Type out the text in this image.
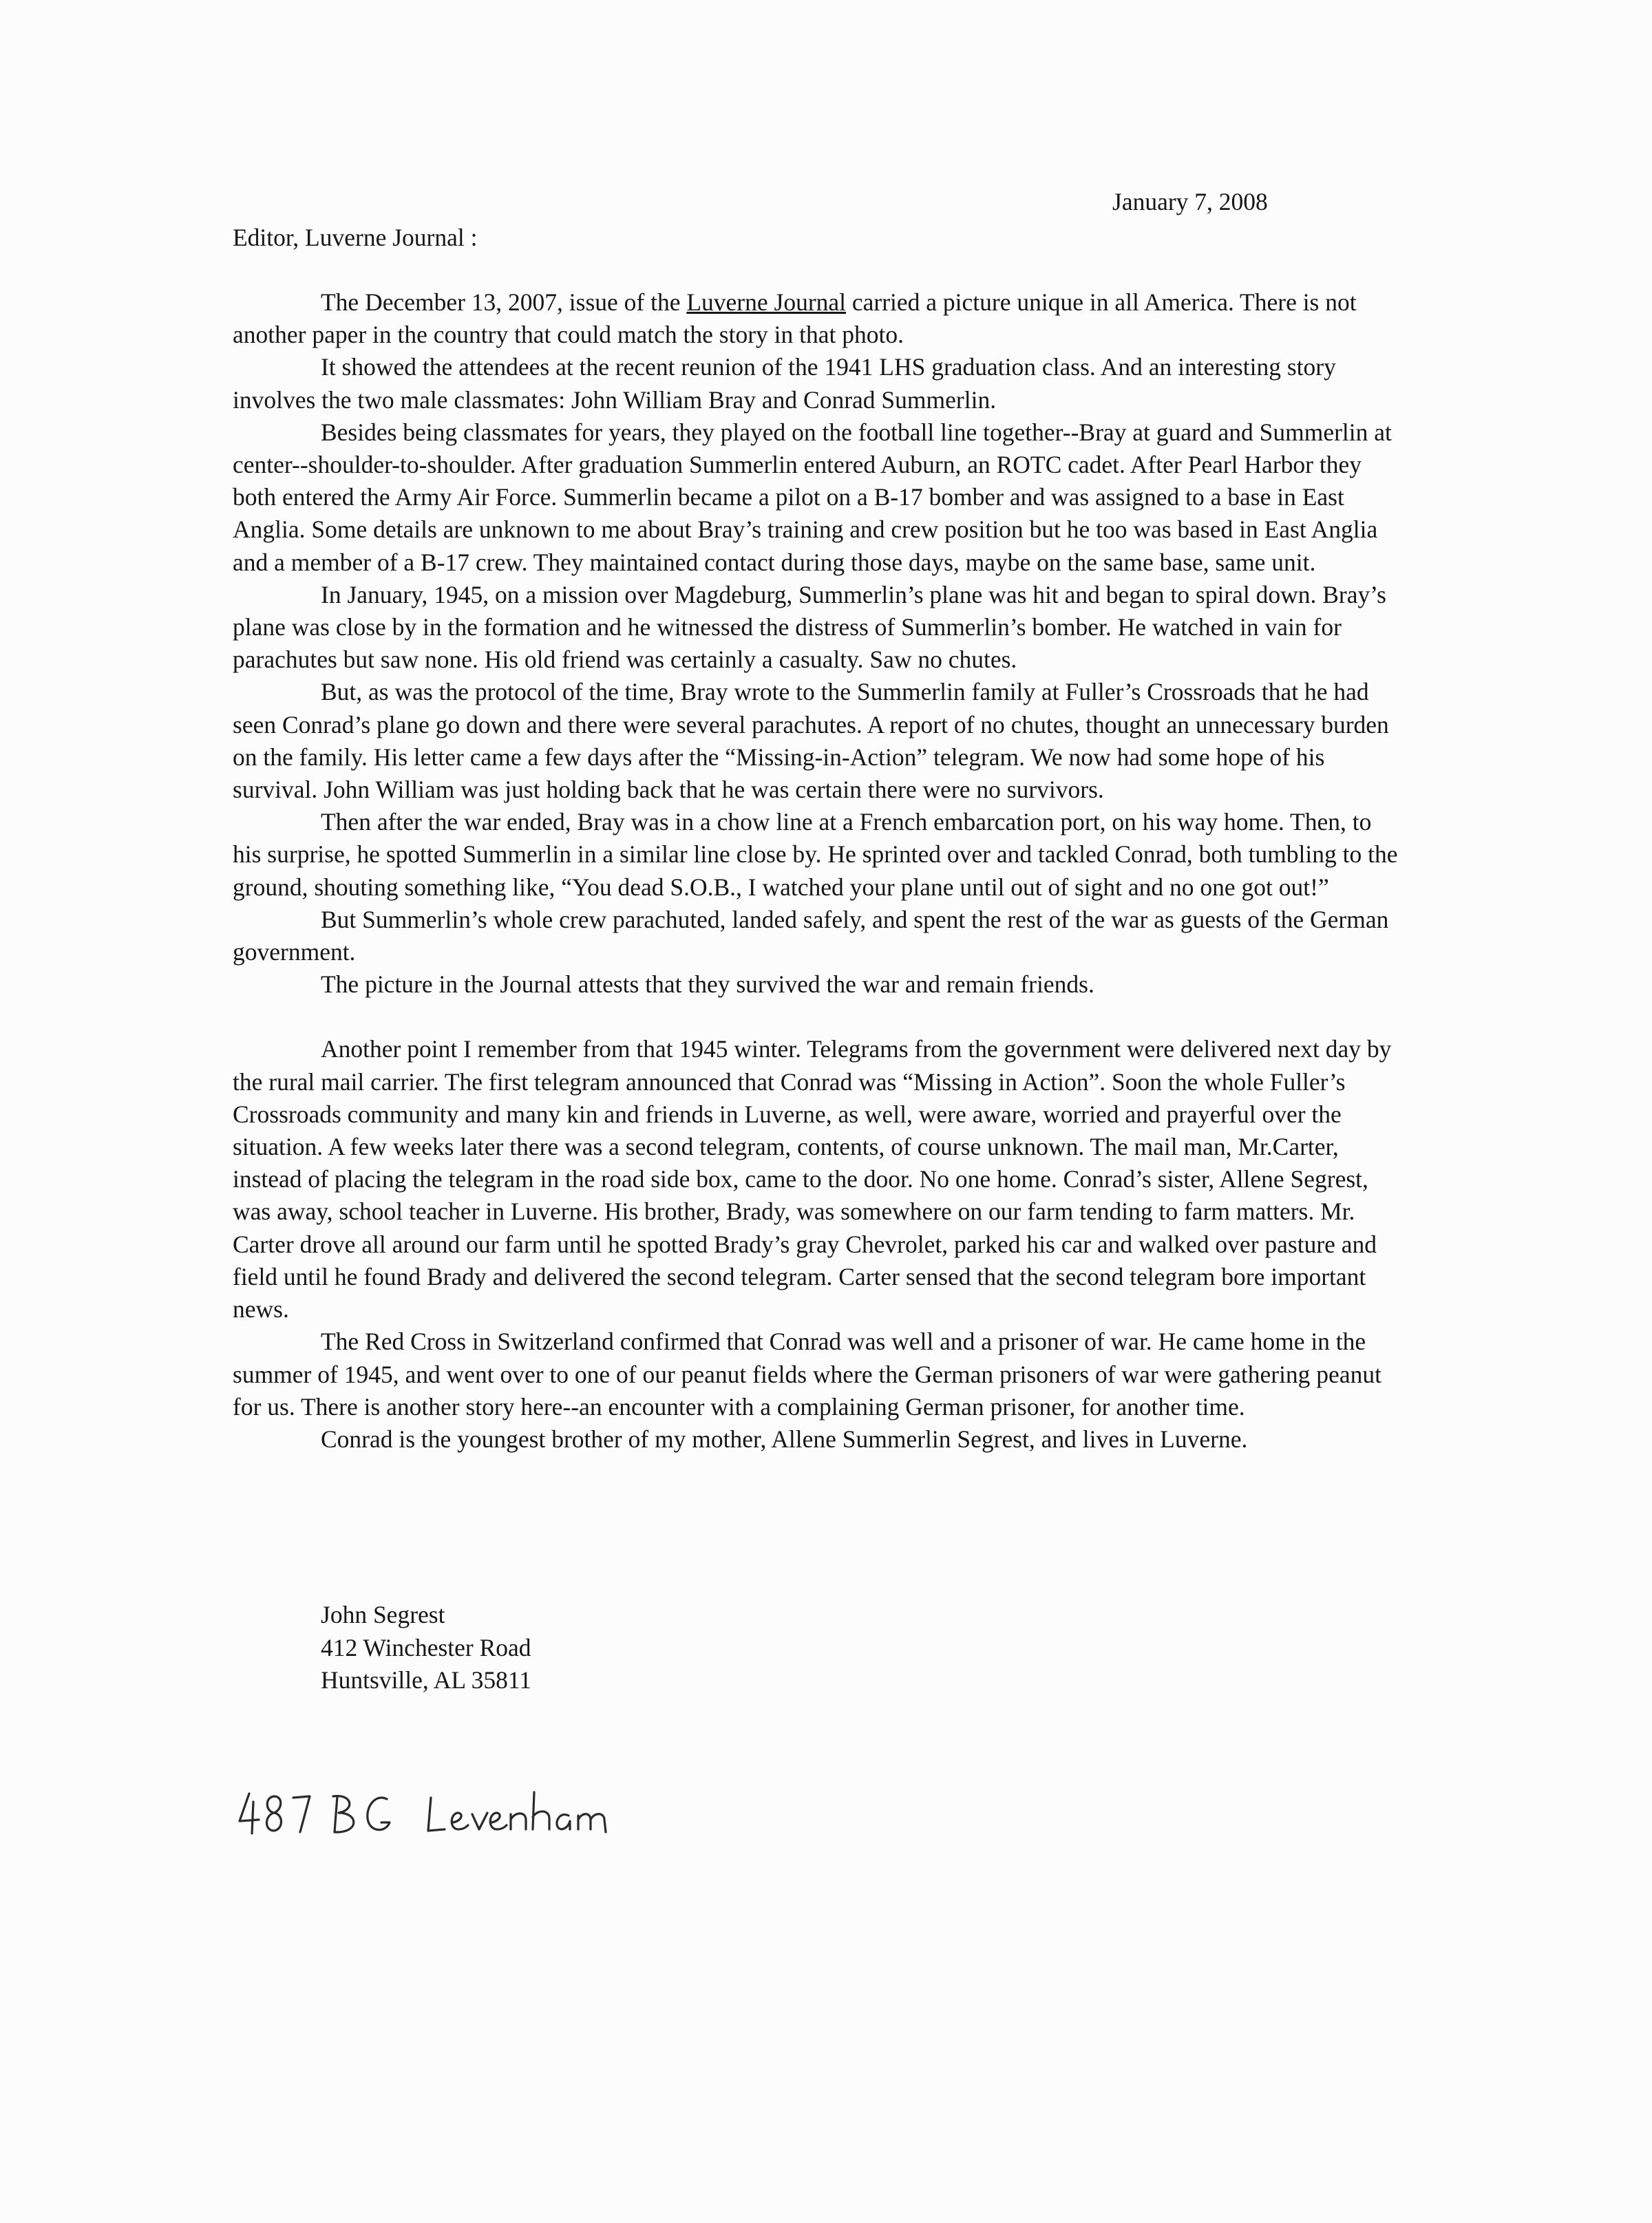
January 7, 2008
Editor, Luverne Journal :

The December 13, 2007, issue of the Luverne Journal carried a picture unique in all America. There is not another paper in the country that could match the story in that photo.

It showed the attendees at the recent reunion of the 1941 LHS graduation class. And an interesting story involves the two male classmates: John William Bray and Conrad Summerlin.

Besides being classmates for years, they played on the football line together--Bray at guard and Summerlin at center--shoulder-to-shoulder. After graduation Summerlin entered Auburn, an ROTC cadet. After Pearl Harbor they both entered the Army Air Force. Summerlin became a pilot on a B-17 bomber and was assigned to a base in East Anglia. Some details are unknown to me about Bray’s training and crew position but he too was based in East Anglia and a member of a B-17 crew. They maintained contact during those days, maybe on the same base, same unit.

In January, 1945, on a mission over Magdeburg, Summerlin’s plane was hit and began to spiral down. Bray’s plane was close by in the formation and he witnessed the distress of Summerlin’s bomber. He watched in vain for parachutes but saw none. His old friend was certainly a casualty. Saw no chutes.

But, as was the protocol of the time, Bray wrote to the Summerlin family at Fuller’s Crossroads that he had seen Conrad’s plane go down and there were several parachutes. A report of no chutes, thought an unnecessary burden on the family. His letter came a few days after the “Missing-in-Action” telegram. We now had some hope of his survival. John William was just holding back that he was certain there were no survivors.

Then after the war ended, Bray was in a chow line at a French embarcation port, on his way home. Then, to his surprise, he spotted Summerlin in a similar line close by. He sprinted over and tackled Conrad, both tumbling to the ground, shouting something like, “You dead S.O.B., I watched your plane until out of sight and no one got out!”

But Summerlin’s whole crew parachuted, landed safely, and spent the rest of the war as guests of the German government.

The picture in the Journal attests that they survived the war and remain friends.

Another point I remember from that 1945 winter. Telegrams from the government were delivered next day by the rural mail carrier. The first telegram announced that Conrad was “Missing in Action”. Soon the whole Fuller’s Crossroads community and many kin and friends in Luverne, as well, were aware, worried and prayerful over the situation. A few weeks later there was a second telegram, contents, of course unknown. The mail man, Mr.Carter, instead of placing the telegram in the road side box, came to the door. No one home. Conrad’s sister, Allene Segrest, was away, school teacher in Luverne. His brother, Brady, was somewhere on our farm tending to farm matters. Mr. Carter drove all around our farm until he spotted Brady’s gray Chevrolet, parked his car and walked over pasture and field until he found Brady and delivered the second telegram. Carter sensed that the second telegram bore important news.

The Red Cross in Switzerland confirmed that Conrad was well and a prisoner of war. He came home in the summer of 1945, and went over to one of our peanut fields where the German prisoners of war were gathering peanut for us. There is another story here--an encounter with a complaining German prisoner, for another time.

Conrad is the youngest brother of my mother, Allene Summerlin Segrest, and lives in Luverne.

John Segrest
412 Winchester Road
Huntsville, AL 35811
